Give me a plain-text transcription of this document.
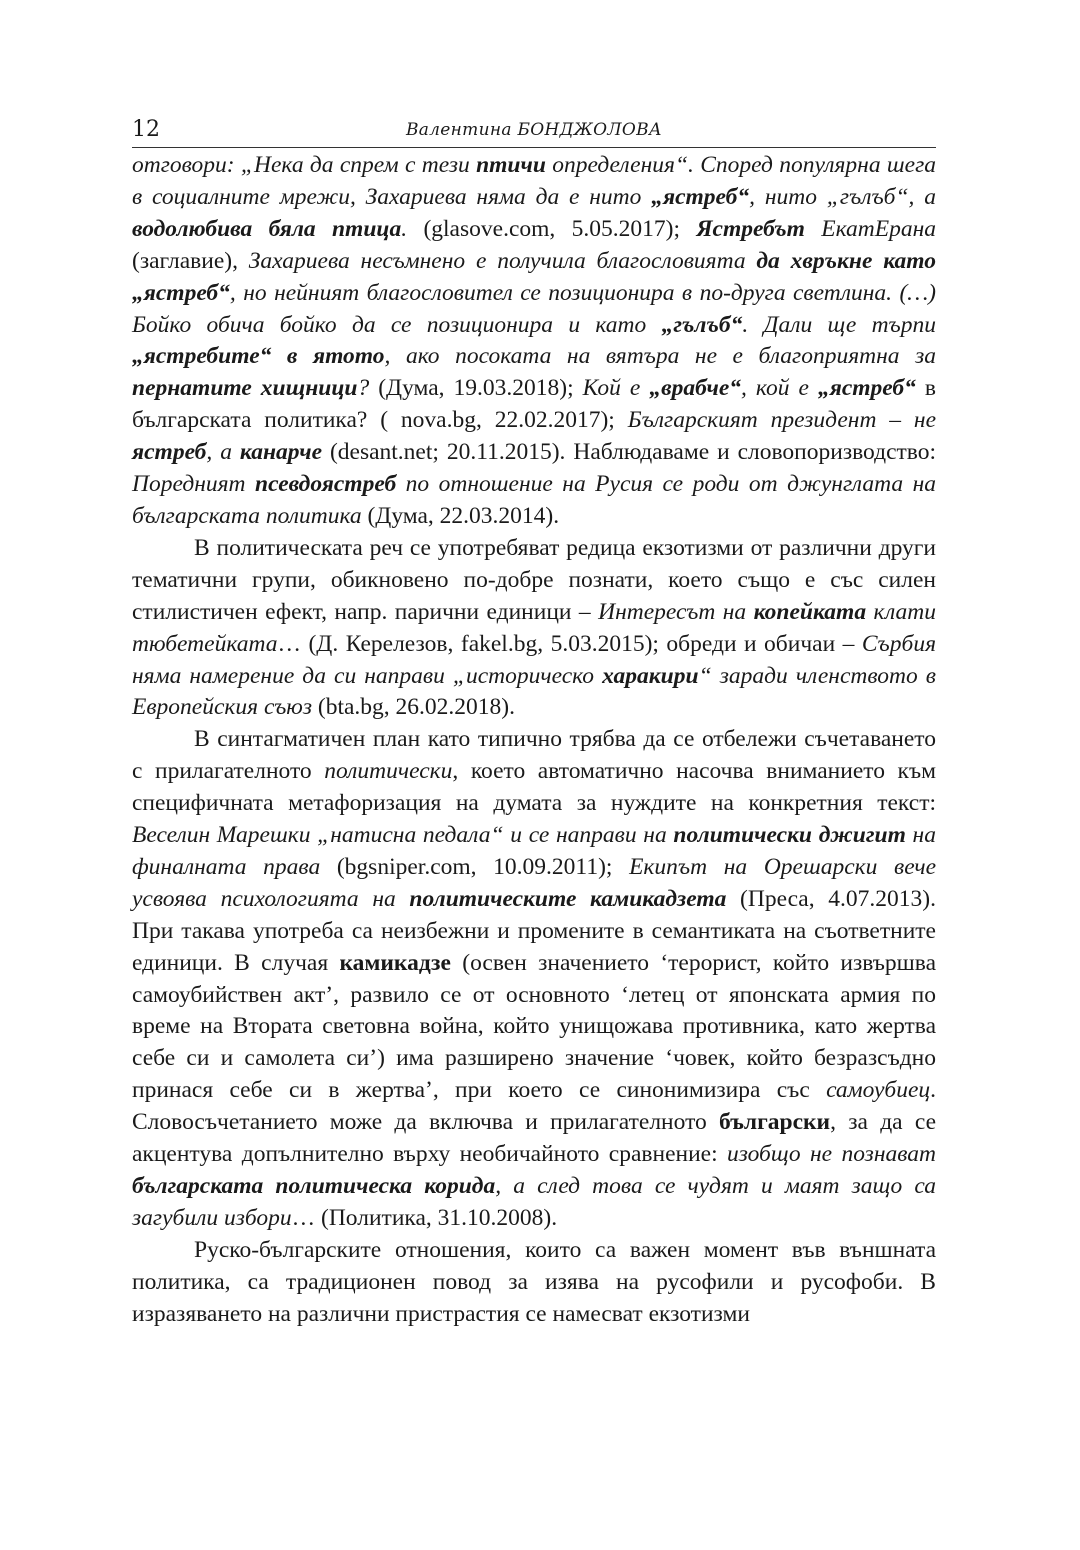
12	Валентина БОНДЖОЛОВА

отговори: „Нека да спрем с тези птичи определения“. Според популярна шега в социалните мрежи, Захариева няма да е нито „ястреб“, нито „гълъб“, а водолюбива бяла птица. (glasove.com, 5.05.2017); Ястребът ЕкатЕрана (заглавие), Захариева несъмнено е получила благословията да хвръкне като „ястреб“, но нейният благословител се позиционира в по-друга светлина. (…) Бойко обича бойко да се позиционира и като „гълъб“. Дали ще търпи „ястребите“ в ятото, ако посоката на вятъра не е благоприятна за пернатите хищници? (Дума, 19.03.2018); Кой е „врабче“, кой е „ястреб“ в българската политика? ( nova.bg, 22.02.2017); Българският президент – не ястреб, а канарче (desant.net; 20.11.2015). Наблюдаваме и словопоризводство: Поредният псевдоястреб по отношение на Русия се роди от джунглата на българската политика (Дума, 22.03.2014).

В политическата реч се употребяват редица екзотизми от различни други тематични групи, обикновено по-добре познати, което също е със силен стилистичен ефект, напр. парични единици – Интересът на копейката клати тюбетейката… (Д. Керелезов, fakel.bg, 5.03.2015); обреди и обичаи – Сърбия няма намерение да си направи „историческо харакири“ заради членството в Европейския съюз (bta.bg, 26.02.2018).

В синтагматичен план като типично трябва да се отбележи съчетаването с прилагателното политически, което автоматично насочва вниманието към специфичната метафоризация на думата за нуждите на конкретния текст: Веселин Марешки „натисна педала“ и се направи на политически джигит на финалната права (bgsniper.com, 10.09.2011); Екипът на Орешарски вече усвоява психологията на политическите камикадзета (Преса, 4.07.2013). При такава употреба са неизбежни и промените в семантиката на съответните единици. В случая камикадзе (освен значението ‘терорист, който извършва самоубийствен акт’, развило се от основното ‘летец от японската армия по време на Втората световна война, който унищожава противника, като жертва себе си и самолета си’) има разширено значение ‘човек, който безразсъдно принася себе си в жертва’, при което се синонимизира със самоубиец. Словосъчетанието може да включва и прилагателното български, за да се акцентува допълнително върху необичайното сравнение: изобщо не познават българската политическа корида, а след това се чудят и маят защо са загубили избори… (Политика, 31.10.2008).

Руско-българските отношения, които са важен момент във външната политика, са традиционен повод за изява на русофили и русофоби. В изразяването на различни пристрастия се намесват екзотизми
